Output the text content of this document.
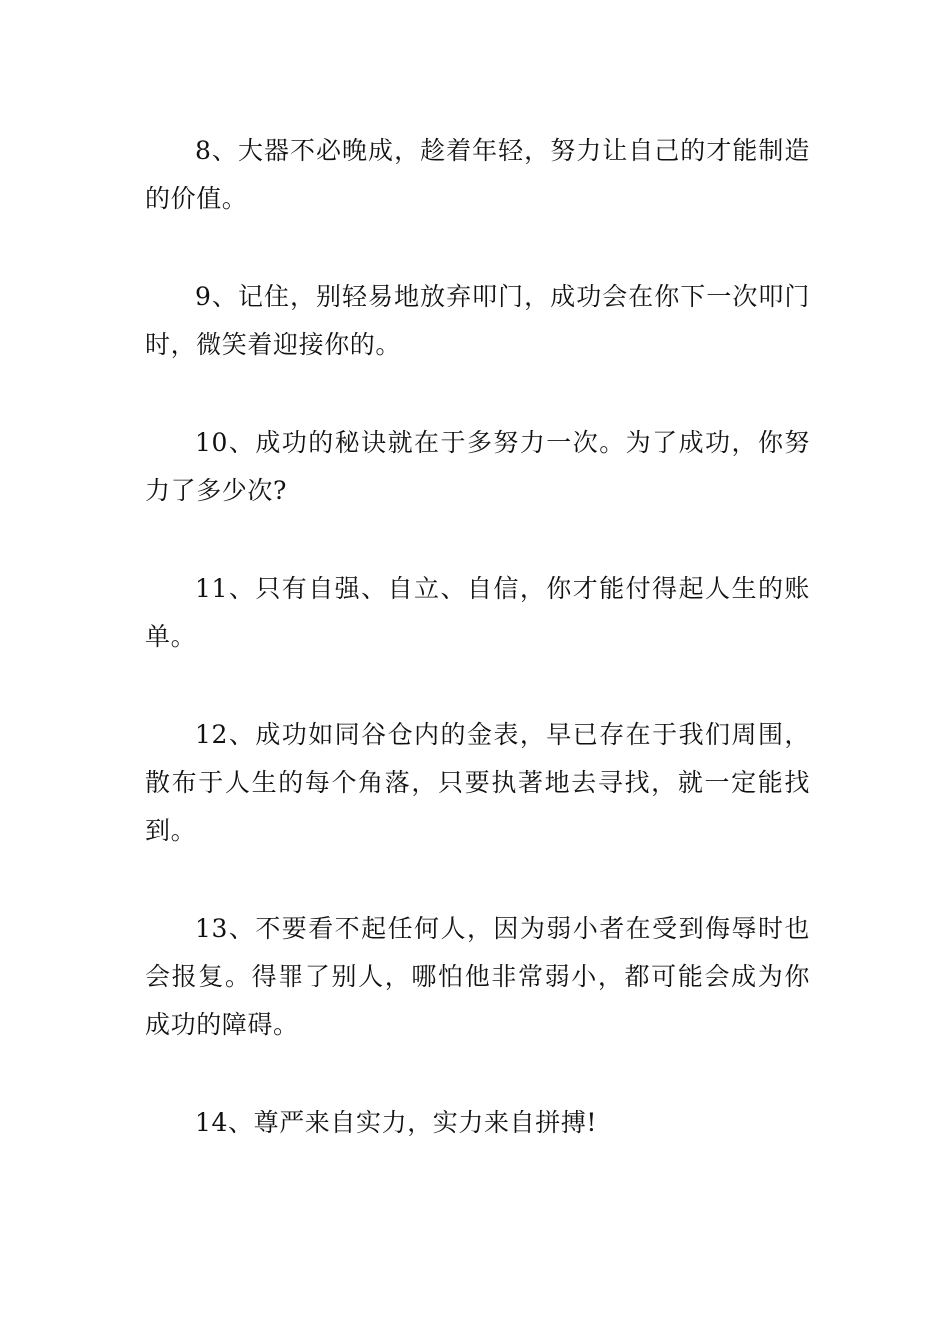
8、大器不必晚成，趁着年轻，努力让自己的才能制造的价值。

9、记住，别轻易地放弃叩门，成功会在你下一次叩门时，微笑着迎接你的。

10、成功的秘诀就在于多努力一次。为了成功，你努力了多少次?

11、只有自强、自立、自信，你才能付得起人生的账单。

12、成功如同谷仓内的金表，早已存在于我们周围，散布于人生的每个角落，只要执著地去寻找，就一定能找到。

13、不要看不起任何人，因为弱小者在受到侮辱时也会报复。得罪了别人，哪怕他非常弱小，都可能会成为你成功的障碍。

14、尊严来自实力，实力来自拼搏!
